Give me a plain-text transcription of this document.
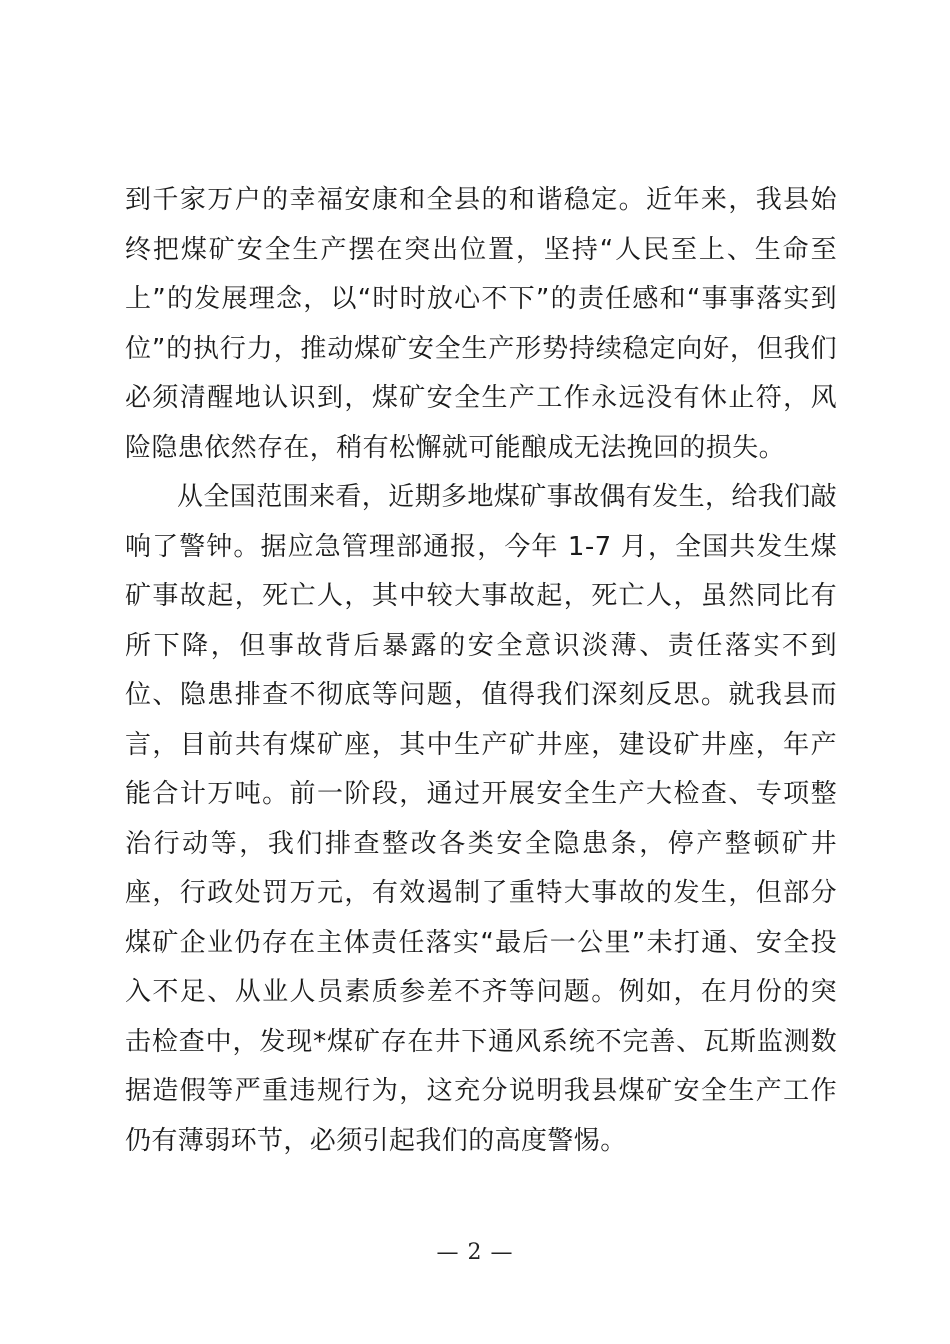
到千家万户的幸福安康和全县的和谐稳定。近年来，我县始终把煤矿安全生产摆在突出位置，坚持“人民至上、生命至上”的发展理念，以“时时放心不下”的责任感和“事事落实到位”的执行力，推动煤矿安全生产形势持续稳定向好，但我们必须清醒地认识到，煤矿安全生产工作永远没有休止符，风险隐患依然存在，稍有松懈就可能酿成无法挽回的损失。

从全国范围来看，近期多地煤矿事故偶有发生，给我们敲响了警钟。据应急管理部通报，今年 1-7 月，全国共发生煤矿事故起，死亡人，其中较大事故起，死亡人，虽然同比有所下降，但事故背后暴露的安全意识淡薄、责任落实不到位、隐患排查不彻底等问题，值得我们深刻反思。就我县而言，目前共有煤矿座，其中生产矿井座，建设矿井座，年产能合计万吨。前一阶段，通过开展安全生产大检查、专项整治行动等，我们排查整改各类安全隐患条，停产整顿矿井座，行政处罚万元，有效遏制了重特大事故的发生，但部分煤矿企业仍存在主体责任落实“最后一公里”未打通、安全投入不足、从业人员素质参差不齐等问题。例如，在月份的突击检查中，发现*煤矿存在井下通风系统不完善、瓦斯监测数据造假等严重违规行为，这充分说明我县煤矿安全生产工作仍有薄弱环节，必须引起我们的高度警惕。

— 2 —
